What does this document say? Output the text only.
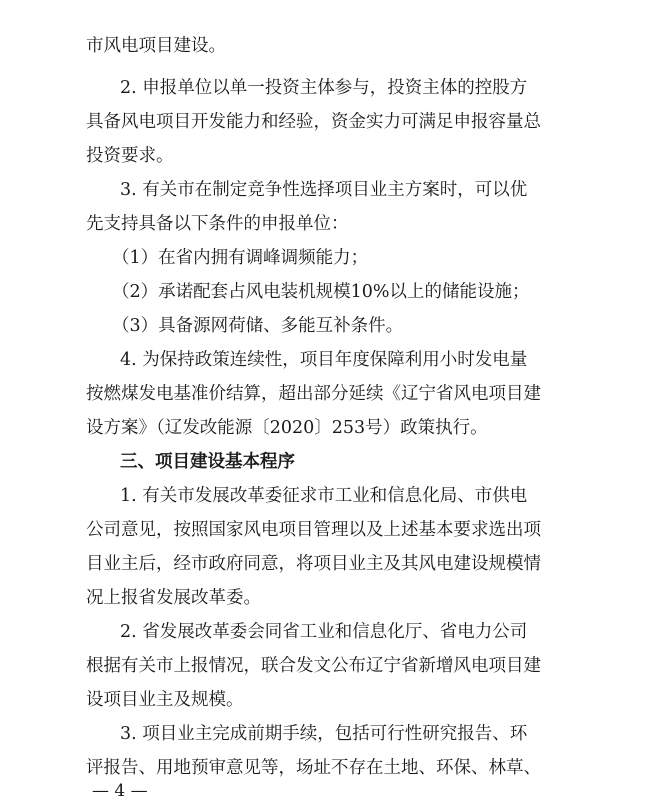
市风电项目建设。
2. 申报单位以单一投资主体参与，投资主体的控股方
具备风电项目开发能力和经验，资金实力可满足申报容量总
投资要求。
3. 有关市在制定竞争性选择项目业主方案时，可以优
先支持具备以下条件的申报单位：
（1）在省内拥有调峰调频能力；
（2）承诺配套占风电装机规模10%以上的储能设施；
（3）具备源网荷储、多能互补条件。
4. 为保持政策连续性，项目年度保障利用小时发电量
按燃煤发电基准价结算，超出部分延续《辽宁省风电项目建
设方案》（辽发改能源〔2020〕253号）政策执行。
三、项目建设基本程序
1. 有关市发展改革委征求市工业和信息化局、市供电
公司意见，按照国家风电项目管理以及上述基本要求选出项
目业主后，经市政府同意，将项目业主及其风电建设规模情
况上报省发展改革委。
2. 省发展改革委会同省工业和信息化厅、省电力公司
根据有关市上报情况，联合发文公布辽宁省新增风电项目建
设项目业主及规模。
3. 项目业主完成前期手续，包括可行性研究报告、环
评报告、用地预审意见等，场址不存在土地、环保、林草、
— 4 —
